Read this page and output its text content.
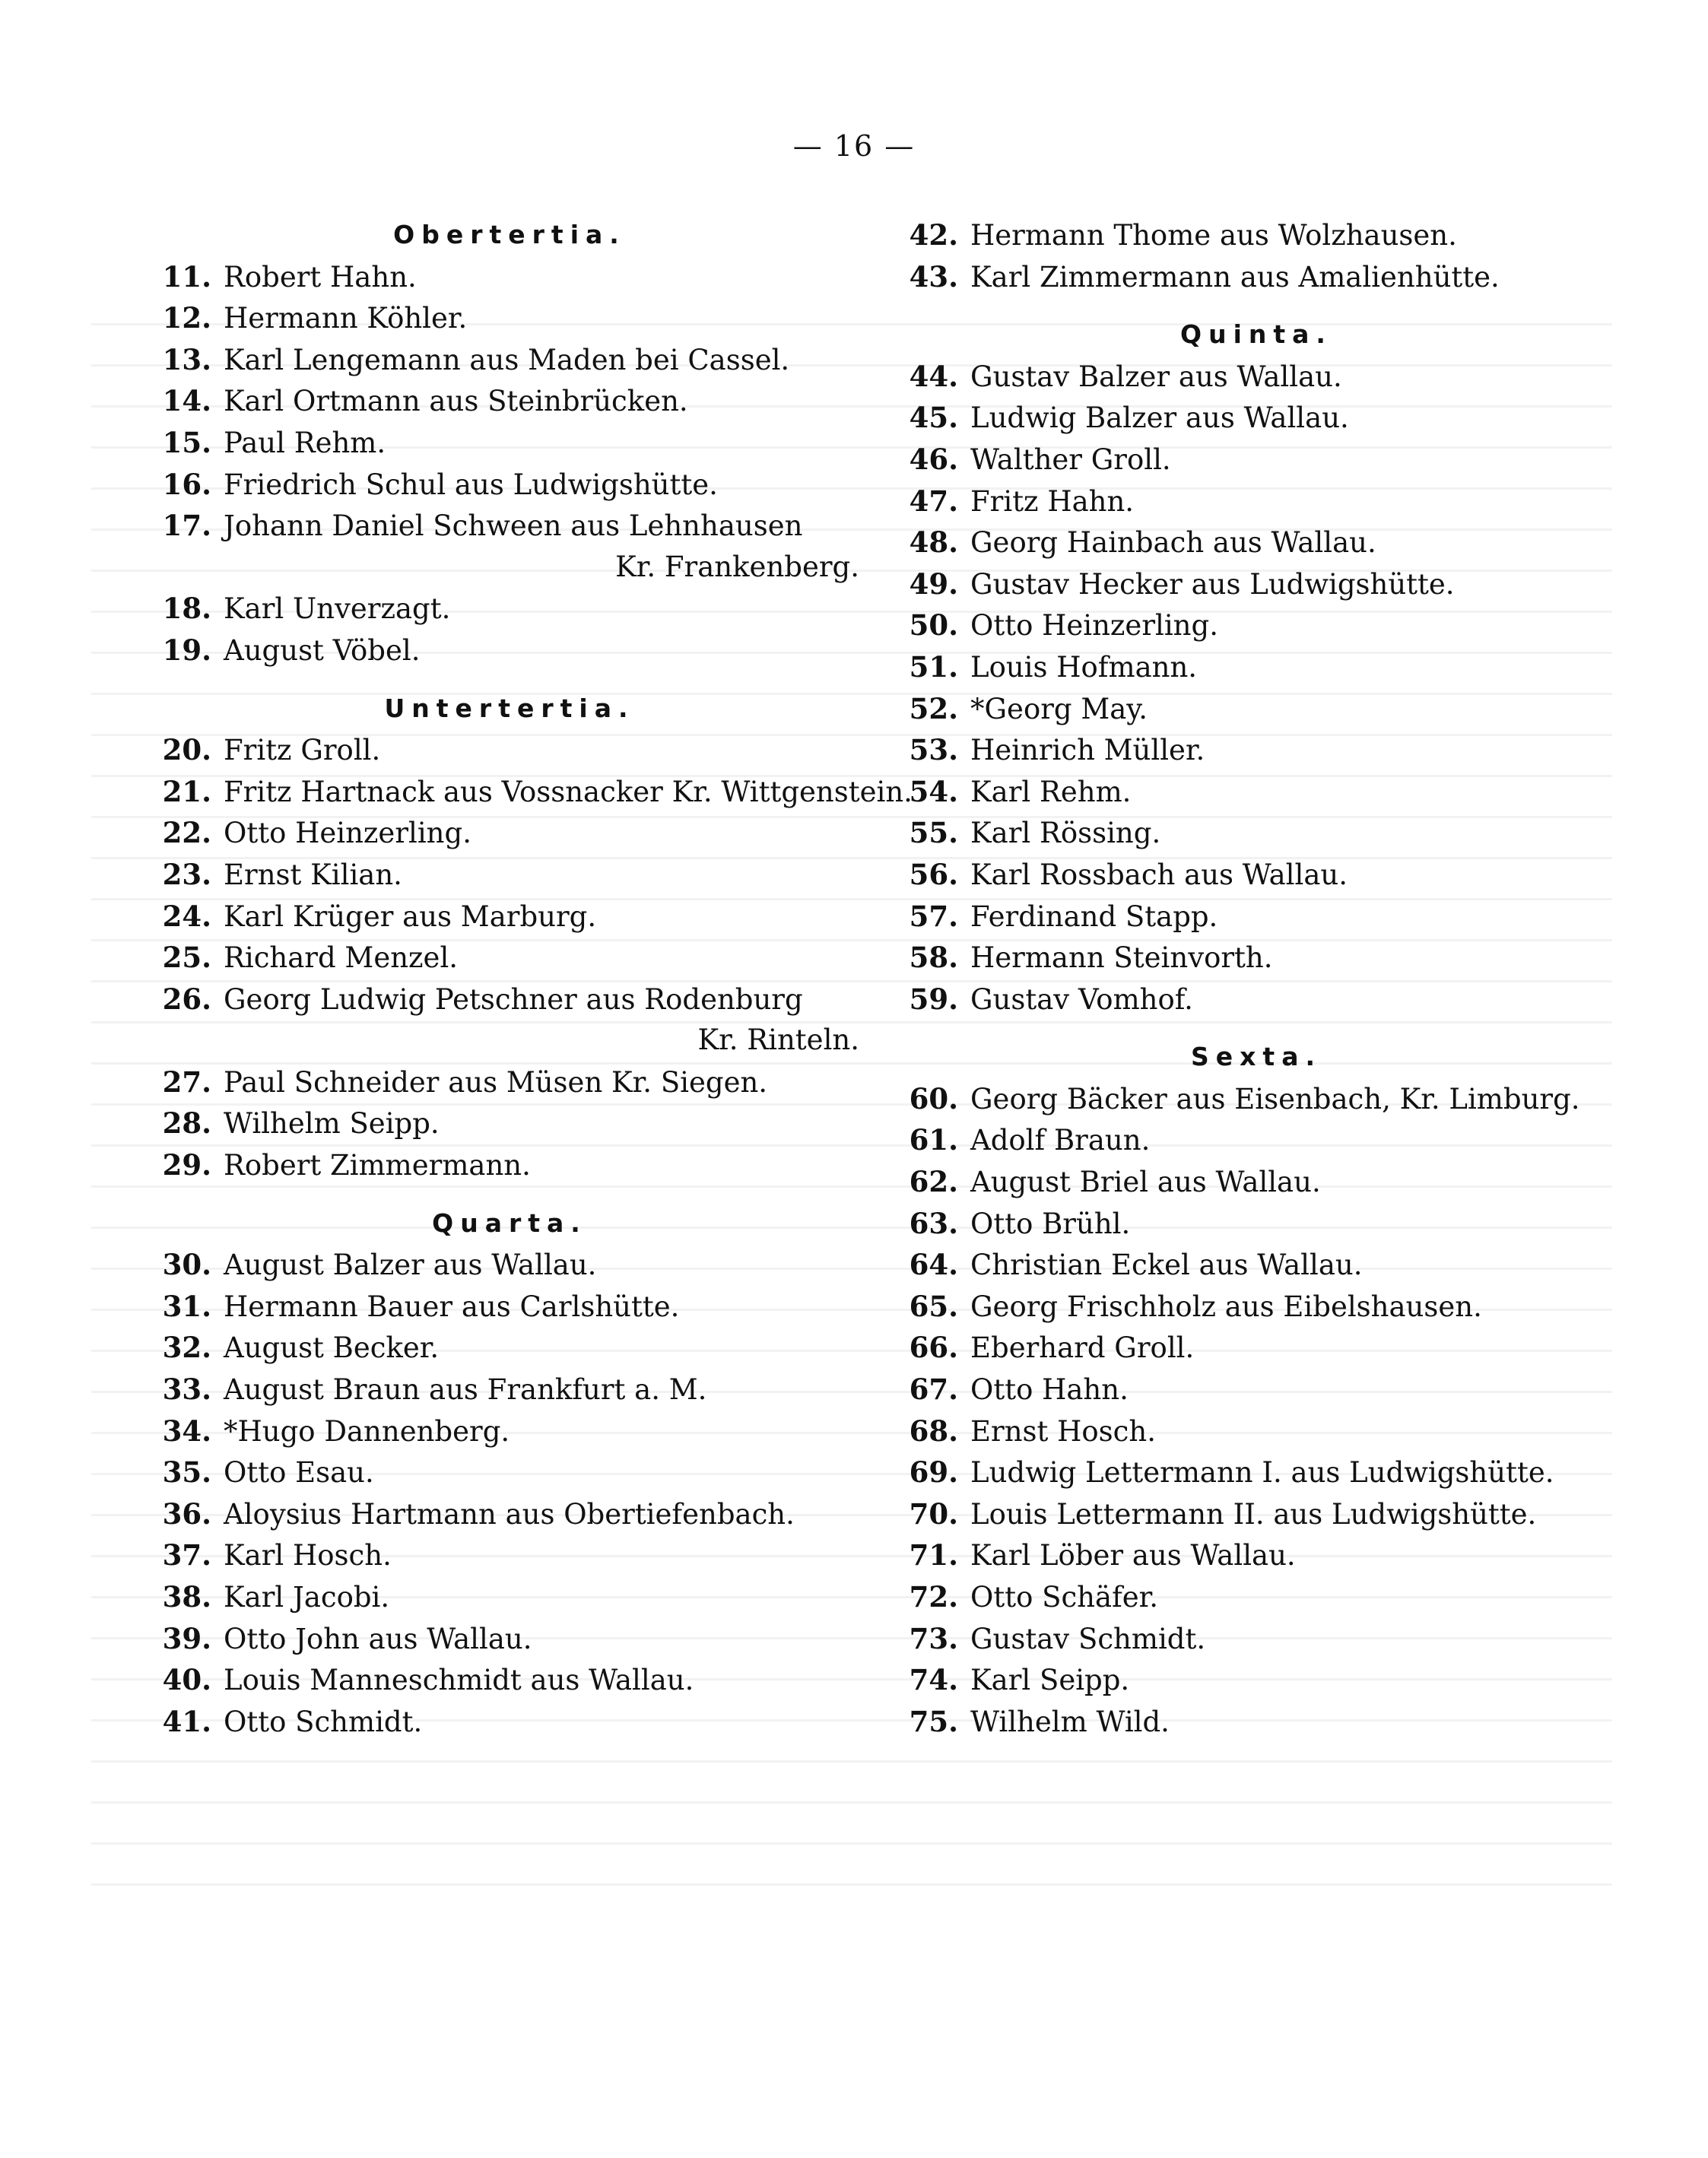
— 16 —
Obertertia.
11. Robert Hahn.
12. Hermann Köhler.
13. Karl Lengemann aus Maden bei Cassel.
14. Karl Ortmann aus Steinbrücken.
15. Paul Rehm.
16. Friedrich Schul aus Ludwigshütte.
17. Johann Daniel Schween aus Lehnhausen
Kr. Frankenberg.
18. Karl Unverzagt.
19. August Vöbel.
Untertertia.
20. Fritz Groll.
21. Fritz Hartnack aus Vossnacker Kr. Wittgenstein.
22. Otto Heinzerling.
23. Ernst Kilian.
24. Karl Krüger aus Marburg.
25. Richard Menzel.
26. Georg Ludwig Petschner aus Rodenburg
Kr. Rinteln.
27. Paul Schneider aus Müsen Kr. Siegen.
28. Wilhelm Seipp.
29. Robert Zimmermann.
Quarta.
30. August Balzer aus Wallau.
31. Hermann Bauer aus Carlshütte.
32. August Becker.
33. August Braun aus Frankfurt a. M.
34. *Hugo Dannenberg.
35. Otto Esau.
36. Aloysius Hartmann aus Obertiefenbach.
37. Karl Hosch.
38. Karl Jacobi.
39. Otto John aus Wallau.
40. Louis Manneschmidt aus Wallau.
41. Otto Schmidt.
42. Hermann Thome aus Wolzhausen.
43. Karl Zimmermann aus Amalienhütte.
Quinta.
44. Gustav Balzer aus Wallau.
45. Ludwig Balzer aus Wallau.
46. Walther Groll.
47. Fritz Hahn.
48. Georg Hainbach aus Wallau.
49. Gustav Hecker aus Ludwigshütte.
50. Otto Heinzerling.
51. Louis Hofmann.
52. *Georg May.
53. Heinrich Müller.
54. Karl Rehm.
55. Karl Rössing.
56. Karl Rossbach aus Wallau.
57. Ferdinand Stapp.
58. Hermann Steinvorth.
59. Gustav Vomhof.
Sexta.
60. Georg Bäcker aus Eisenbach, Kr. Limburg.
61. Adolf Braun.
62. August Briel aus Wallau.
63. Otto Brühl.
64. Christian Eckel aus Wallau.
65. Georg Frischholz aus Eibelshausen.
66. Eberhard Groll.
67. Otto Hahn.
68. Ernst Hosch.
69. Ludwig Lettermann I. aus Ludwigshütte.
70. Louis Lettermann II. aus Ludwigshütte.
71. Karl Löber aus Wallau.
72. Otto Schäfer.
73. Gustav Schmidt.
74. Karl Seipp.
75. Wilhelm Wild.
